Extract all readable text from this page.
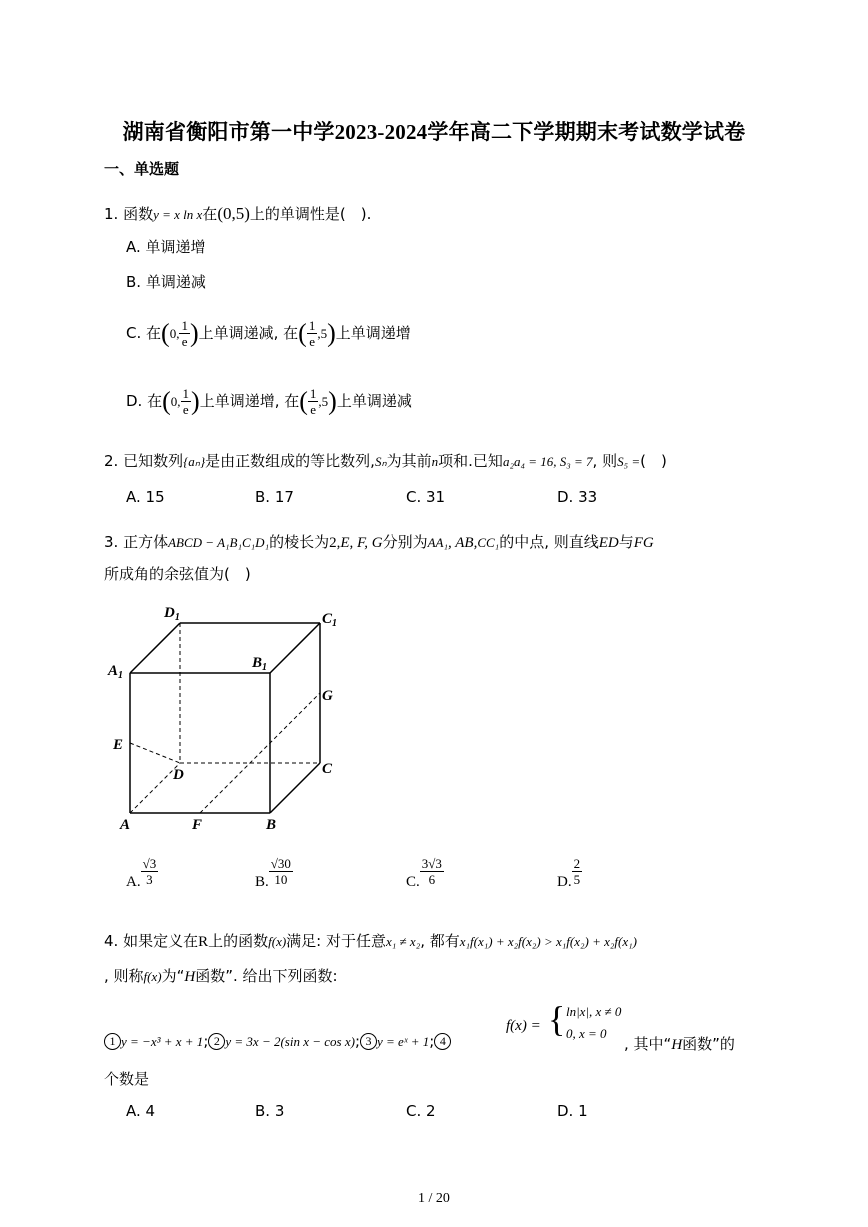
湖南省衡阳市第一中学2023-2024学年高二下学期期末考试数学试卷
一、单选题
1. 函数y = x ln x在(0,5)上的单调性是(　).
A. 单调递增
B. 单调递减
C. 在(0, $\frac{1}{e}$ )上单调递减, 在( $\frac{1}{e} ,5$)上单调递增
D. 在(0, $\frac{1}{e}$ )上单调递增, 在( $\frac{1}{e} ,5$)上单调递减
2. 已知数列{aₙ}是由正数组成的等比数列,Sₙ为其前n项和.已知a₂a₄ = 16, S₃ = 7, 则S₅ =(　)
A. 15	B. 17	C. 31	D. 33
3. 正方体ABCD − A₁B₁C₁D₁的棱长为2,E, F, G分别为AA₁, AB,CC₁的中点, 则直线ED与FG
所成角的余弦值为(　)
$D_1$	$C_1$
$A_1$
$B_1$
G
E
D	C
A	F	B
A. $\frac{√3}{3}$	B. $\frac{√30}{10}$	C. $\frac{3√3}{6}$	D. $\frac{2}{5}$
4. 如果定义在R上的函数f(x)满足: 对于任意x₁ ≠ x₂, 都有x₁f(x₁) + x₂f(x₂) > x₁f(x₂) + x₂f(x₁)
, 则称f(x)为“H函数”. 给出下列函数:
1 y = −x³ + x + 1; 2 y = 3x − 2(sin x − cos x); 3 y = eˣ + 1; 4
f(x) = { ln|x|, x ≠ 0
0, x = 0
, 其中“H函数”的
个数是
A. 4	B. 3	C. 2	D. 1
1 / 20
